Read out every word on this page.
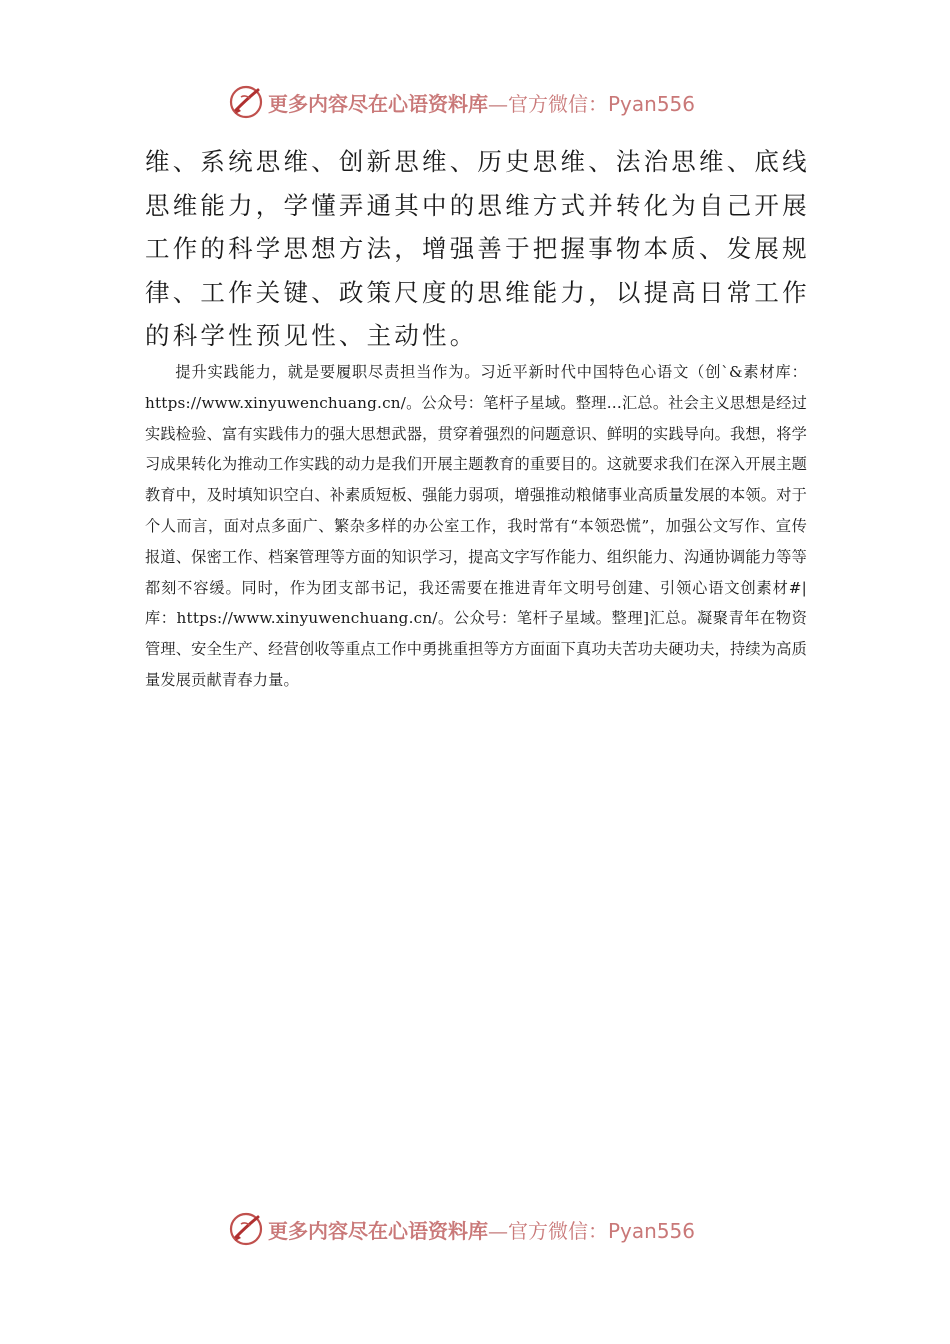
更多内容尽在心语资料库—官方微信：Pyan556

维、系统思维、创新思维、历史思维、法治思维、底线思维能力，学懂弄通其中的思维方式并转化为自己开展工作的科学思想方法，增强善于把握事物本质、发展规律、工作关键、政策尺度的思维能力，以提高日常工作的科学性预见性、主动性。

提升实践能力，就是要履职尽责担当作为。习近平新时代中国特色心语文（创`&素材库：https://www.xinyuwenchuang.cn/。公众号：笔杆子星域。整理…汇总。社会主义思想是经过实践检验、富有实践伟力的强大思想武器，贯穿着强烈的问题意识、鲜明的实践导向。我想，将学习成果转化为推动工作实践的动力是我们开展主题教育的重要目的。这就要求我们在深入开展主题教育中，及时填知识空白、补素质短板、强能力弱项，增强推动粮储事业高质量发展的本领。对于个人而言，面对点多面广、繁杂多样的办公室工作，我时常有“本领恐慌”，加强公文写作、宣传报道、保密工作、档案管理等方面的知识学习，提高文字写作能力、组织能力、沟通协调能力等等都刻不容缓。同时，作为团支部书记，我还需要在推进青年文明号创建、引领心语文创素材#|库：https://www.xinyuwenchuang.cn/。公众号：笔杆子星域。整理]汇总。凝聚青年在物资管理、安全生产、经营创收等重点工作中勇挑重担等方方面面下真功夫苦功夫硬功夫，持续为高质量发展贡献青春力量。

更多内容尽在心语资料库—官方微信：Pyan556
